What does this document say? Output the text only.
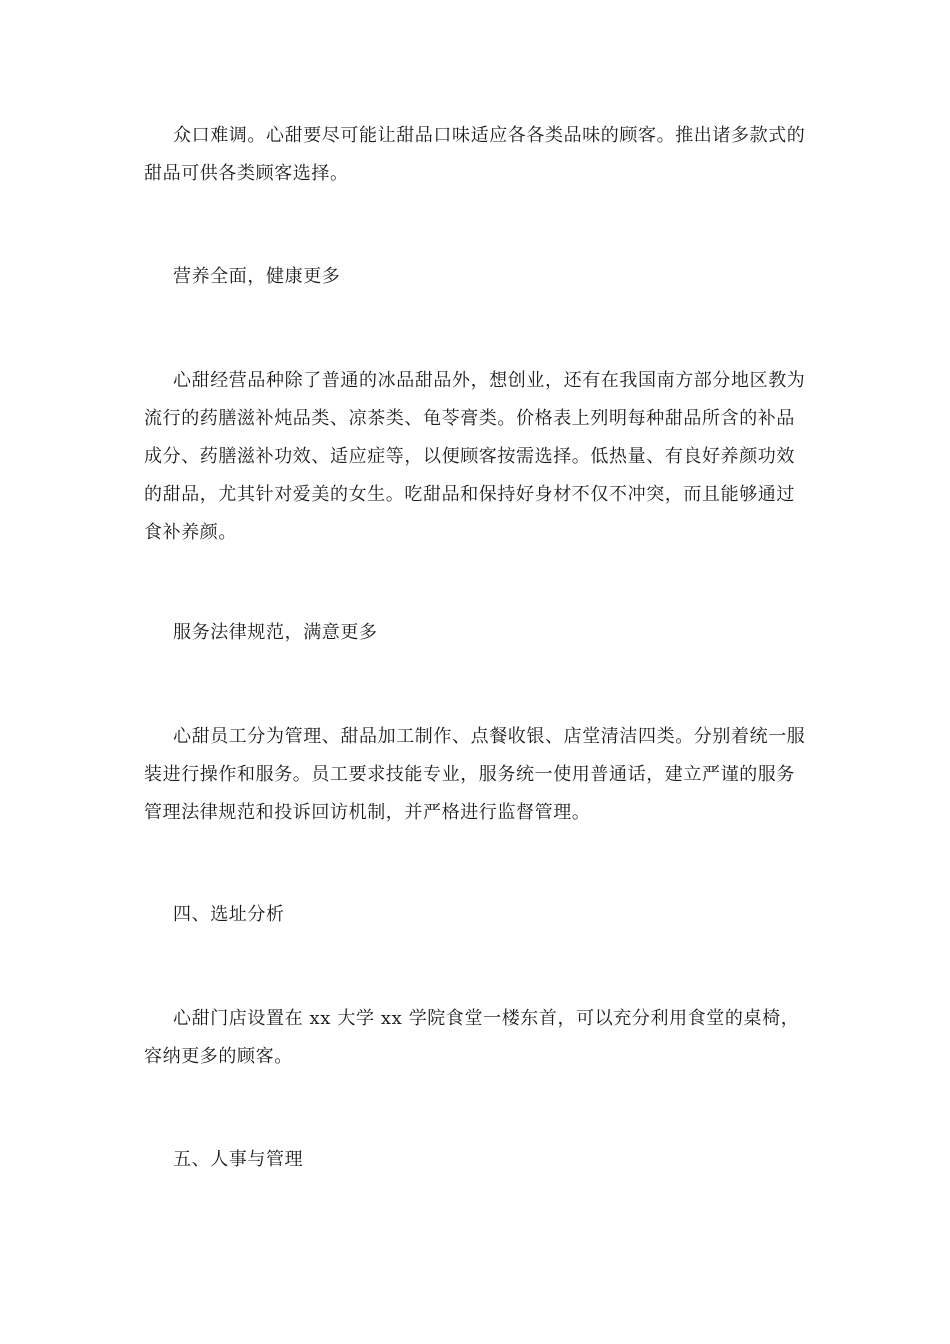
众口难调。心甜要尽可能让甜品口味适应各各类品味的顾客。推出诸多款式的甜品可供各类顾客选择。

营养全面，健康更多

心甜经营品种除了普通的冰品甜品外，想创业，还有在我国南方部分地区教为流行的药膳滋补炖品类、凉茶类、龟苓膏类。价格表上列明每种甜品所含的补品成分、药膳滋补功效、适应症等，以便顾客按需选择。低热量、有良好养颜功效的甜品，尤其针对爱美的女生。吃甜品和保持好身材不仅不冲突，而且能够通过食补养颜。

服务法律规范，满意更多

心甜员工分为管理、甜品加工制作、点餐收银、店堂清洁四类。分别着统一服装进行操作和服务。员工要求技能专业，服务统一使用普通话，建立严谨的服务管理法律规范和投诉回访机制，并严格进行监督管理。

四、选址分析

心甜门店设置在 xx 大学 xx 学院食堂一楼东首，可以充分利用食堂的桌椅，容纳更多的顾客。

五、人事与管理
